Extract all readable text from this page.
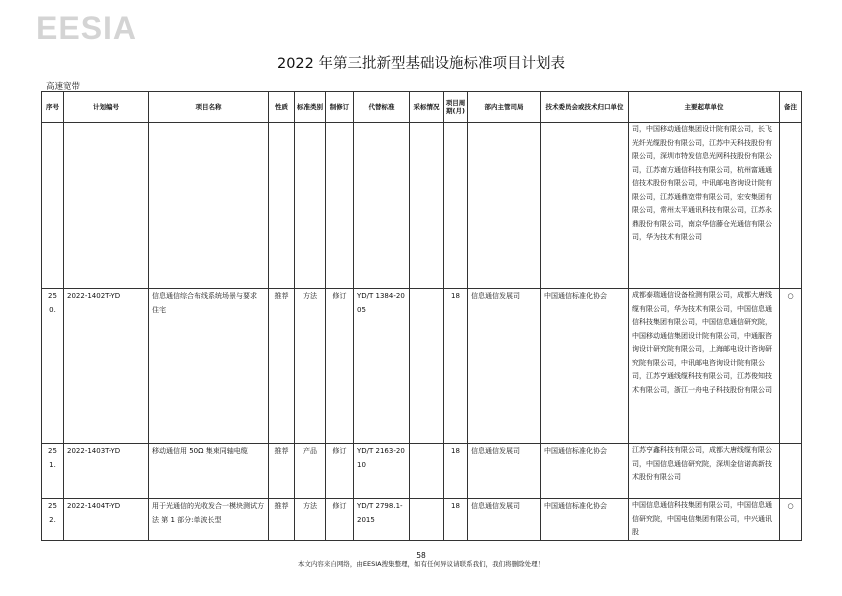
EESIA
2022 年第三批新型基础设施标准项目计划表
高速宽带
序号	计划编号	项目名称	性质	标准类别	制修订	代替标准	采标情况	项目周期(月)	部内主管司局	技术委员会或技术归口单位	主要起草单位	备注
											司，中国移动通信集团设计院有限公司，长飞光纤光缆股份有限公司，江苏中天科技股份有限公司，深圳市特发信息光网科技股份有限公司，江苏南方通信科技有限公司，杭州富通通信技术股份有限公司，中讯邮电咨询设计院有限公司，江苏通鼎宽带有限公司，宏安集团有限公司，常州太平通讯科技有限公司，江苏永鼎股份有限公司，南京华信藤仓光通信有限公司，华为技术有限公司	
250.	2022-1402T-YD	信息通信综合布线系统场景与要求 住宅	推荐	方法	修订	YD/T 1384-2005		18	信息通信发展司	中国通信标准化协会	成都泰瑞通信设备检测有限公司，成都大唐线缆有限公司，华为技术有限公司，中国信息通信科技集团有限公司，中国信息通信研究院，中国移动通信集团设计院有限公司，中通服咨询设计研究院有限公司，上海邮电设计咨询研究院有限公司，中讯邮电咨询设计院有限公司，江苏亨通线缆科技有限公司，江苏俊知技术有限公司，浙江一舟电子科技股份有限公司	○
251.	2022-1403T-YD	移动通信用 50Ω 集束同轴电缆	推荐	产品	修订	YD/T 2163-2010		18	信息通信发展司	中国通信标准化协会	江苏亨鑫科技有限公司，成都大唐线缆有限公司，中国信息通信研究院，深圳金信诺高新技术股份有限公司	
252.	2022-1404T-YD	用于光通信的光收发合一模块测试方法 第 1 部分:单波长型	推荐	方法	修订	YD/T 2798.1-2015		18	信息通信发展司	中国通信标准化协会	中国信息通信科技集团有限公司，中国信息通信研究院，中国电信集团有限公司，中兴通讯股	○
58
本文内容来自网络，由EESIA搜集整理，如有任何异议请联系我们，我们将删除处理！
